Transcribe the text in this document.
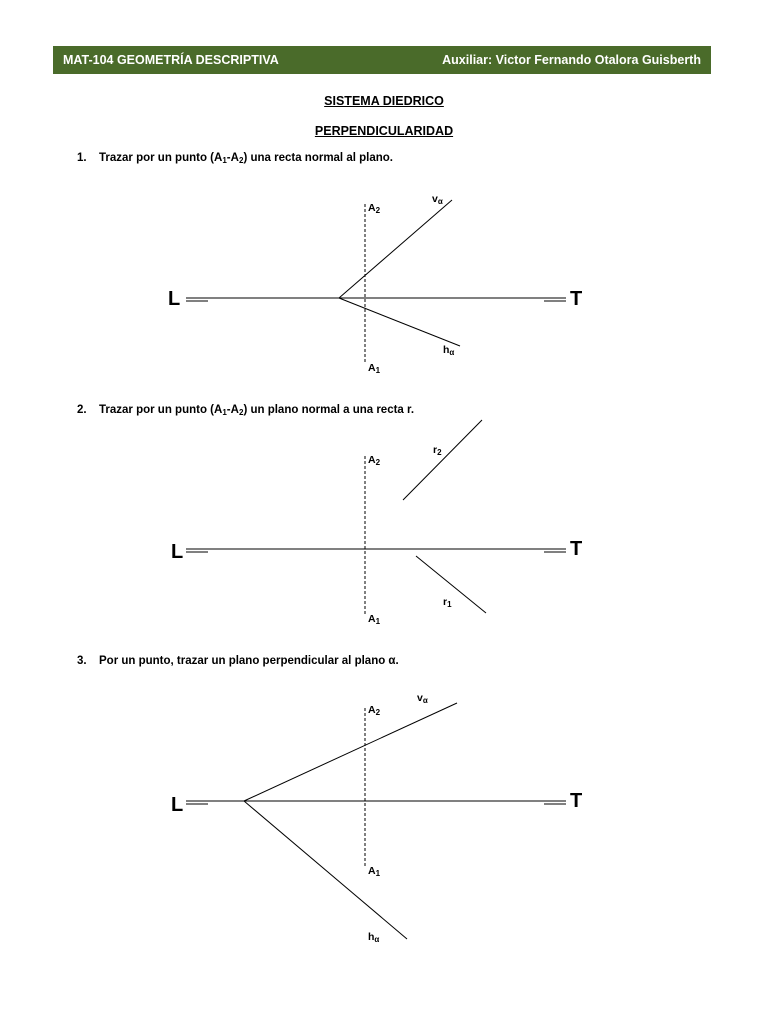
MAT-104 GEOMETRÍA DESCRIPTIVA	Auxiliar: Victor Fernando Otalora Guisberth
SISTEMA DIEDRICO
PERPENDICULARIDAD
1. Trazar por un punto $(A_1-A_2)$ una recta normal al plano.
L	T
A2
A1
vα
hα
2. Trazar por un punto $(A_1-A_2)$ un plano normal a una recta r.
L	T
A2
A1
r2
r1
3. Por un punto, trazar un plano perpendicular al plano α.
L	T
A2
A1
vα
hα
